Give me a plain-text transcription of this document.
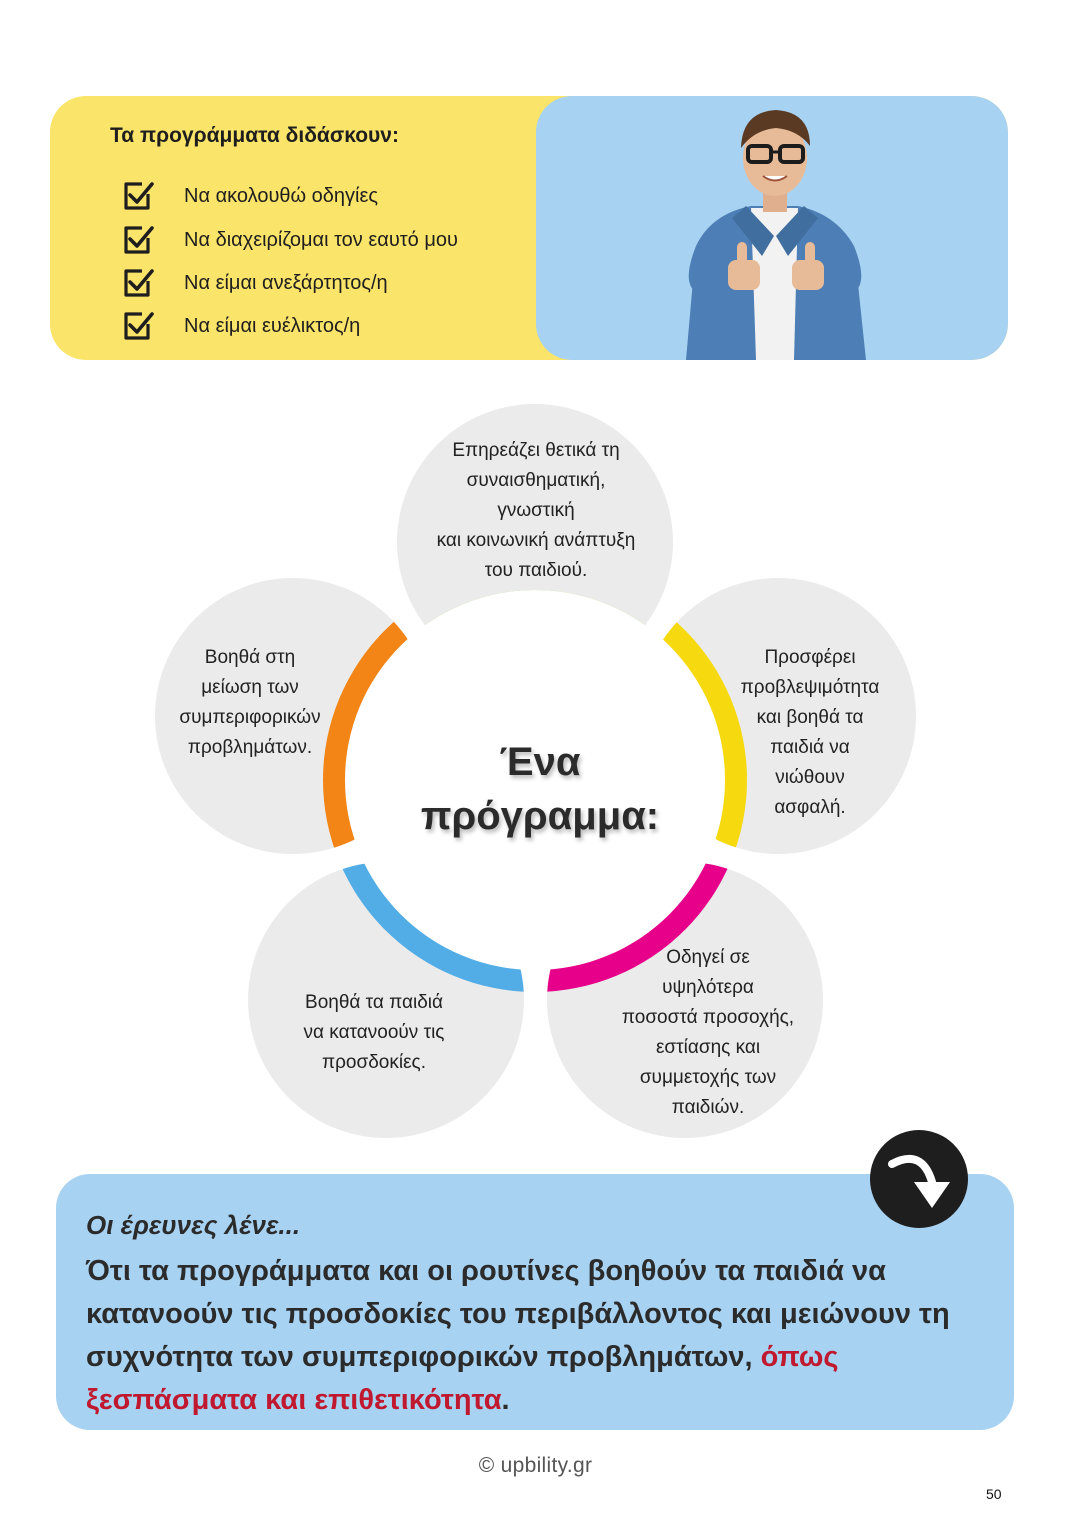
Τα προγράμματα διδάσκουν:
Να ακολουθώ οδηγίες
Να διαχειρίζομαι τον εαυτό μου
Να είμαι ανεξάρτητος/η
Να είμαι ευέλικτος/η
Επηρεάζει θετικά τη
συναισθηματική,
γνωστική
και κοινωνική ανάπτυξη
του παιδιού.
Προσφέρει
προβλεψιμότητα
και βοηθά τα
παιδιά να
νιώθουν
ασφαλή.
Οδηγεί σε
υψηλότερα
ποσοστά προσοχής,
εστίασης και
συμμετοχής των
παιδιών.
Βοηθά τα παιδιά
να κατανοούν τις
προσδοκίες.
Βοηθά στη
μείωση των
συμπεριφορικών
προβλημάτων.	Ένα
πρόγραμμα:
Οι έρευνες λένε...

Ότι τα προγράμματα και οι ρουτίνες βοηθούν τα παιδιά να κατανοούν τις προσδοκίες του περιβάλλοντος και μειώνουν τη συχνότητα των συμπεριφορικών προβλημάτων, όπως ξεσπάσματα και επιθετικότητα.

© upbility.gr
50
